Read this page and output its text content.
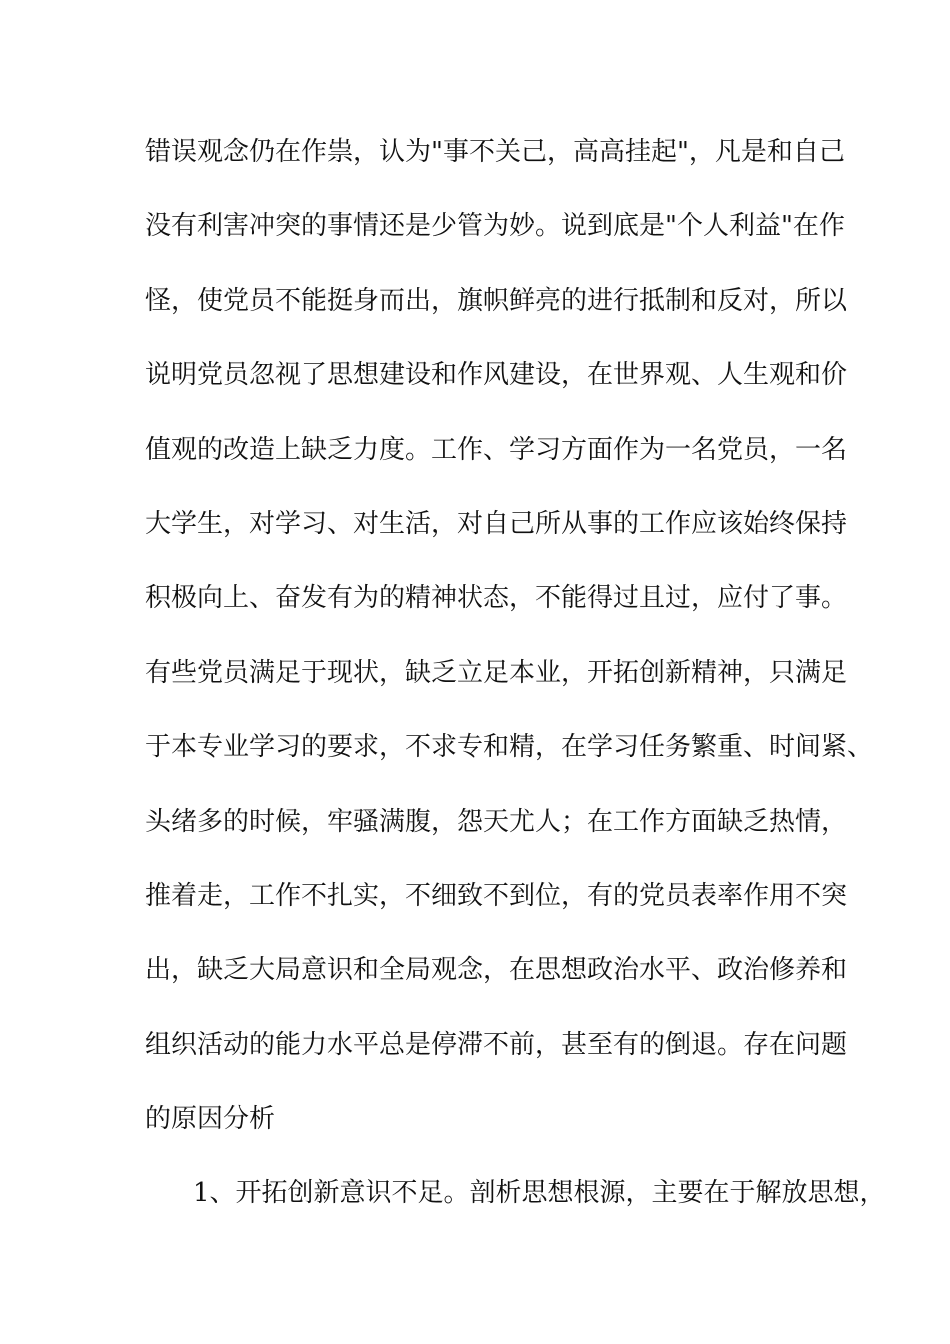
错误观念仍在作祟，认为"事不关己，高高挂起"，凡是和自己
没有利害冲突的事情还是少管为妙。说到底是"个人利益"在作
怪，使党员不能挺身而出，旗帜鲜亮的进行抵制和反对，所以
说明党员忽视了思想建设和作风建设，在世界观、人生观和价
值观的改造上缺乏力度。工作、学习方面作为一名党员，一名
大学生，对学习、对生活，对自己所从事的工作应该始终保持
积极向上、奋发有为的精神状态，不能得过且过，应付了事。
有些党员满足于现状，缺乏立足本业，开拓创新精神，只满足
于本专业学习的要求，不求专和精，在学习任务繁重、时间紧、
头绪多的时候，牢骚满腹，怨天尤人；在工作方面缺乏热情，
推着走，工作不扎实，不细致不到位，有的党员表率作用不突
出，缺乏大局意识和全局观念，在思想政治水平、政治修养和
组织活动的能力水平总是停滞不前，甚至有的倒退。存在问题
的原因分析
1、开拓创新意识不足。剖析思想根源，主要在于解放思想，
